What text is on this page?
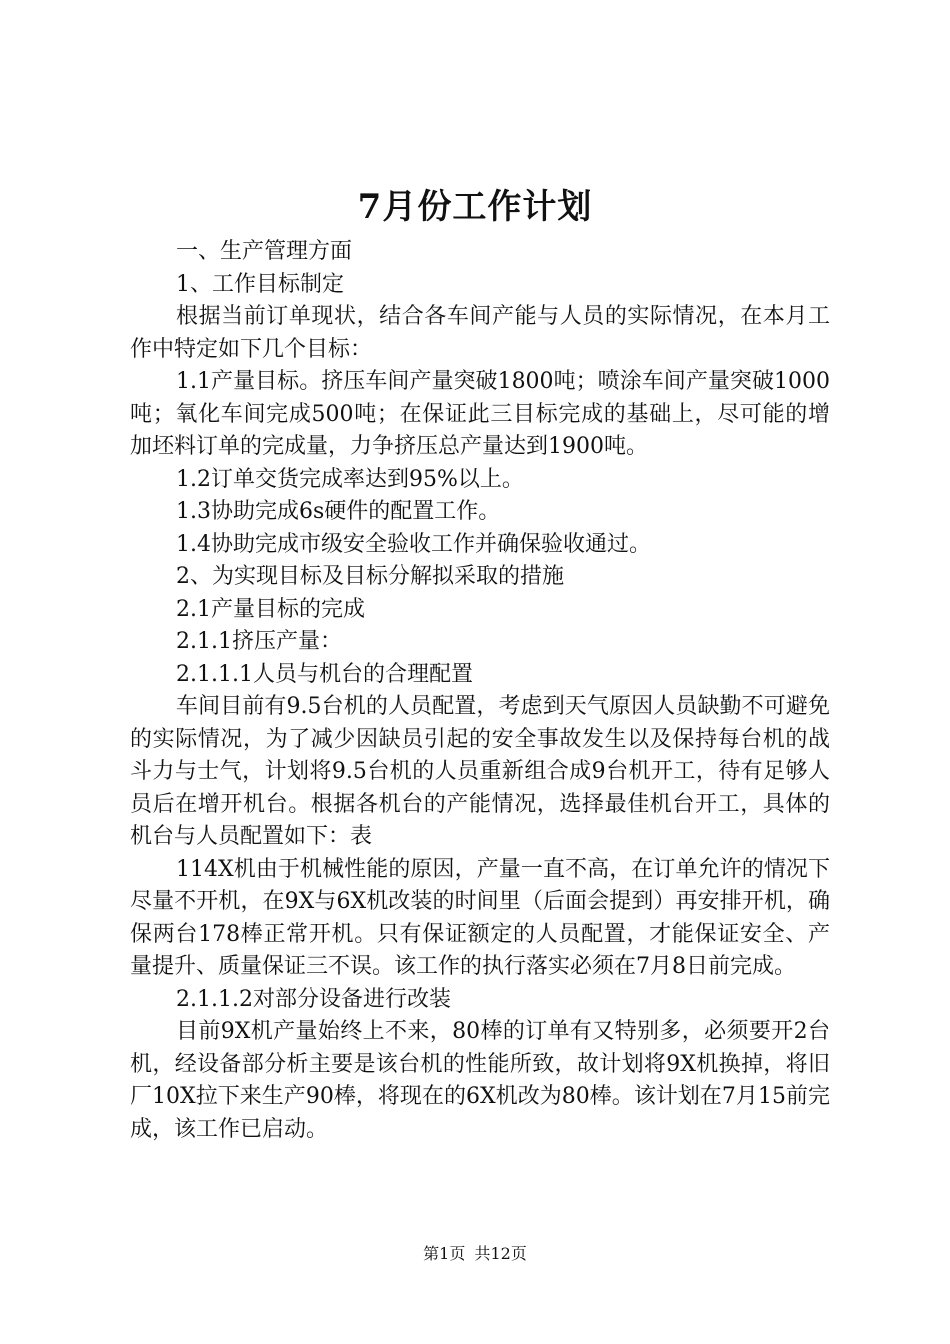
7月份工作计划

一、生产管理方面

1、工作目标制定

根据当前订单现状，结合各车间产能与人员的实际情况，在本月工作中特定如下几个目标：

1.1产量目标。挤压车间产量突破1800吨；喷涂车间产量突破1000吨；氧化车间完成500吨；在保证此三目标完成的基础上，尽可能的增加坯料订单的完成量，力争挤压总产量达到1900吨。

1.2订单交货完成率达到95%以上。

1.3协助完成6s硬件的配置工作。

1.4协助完成市级安全验收工作并确保验收通过。

2、为实现目标及目标分解拟采取的措施

2.1产量目标的完成

2.1.1挤压产量：

2.1.1.1人员与机台的合理配置

车间目前有9.5台机的人员配置，考虑到天气原因人员缺勤不可避免的实际情况，为了减少因缺员引起的安全事故发生以及保持每台机的战斗力与士气，计划将9.5台机的人员重新组合成9台机开工，待有足够人员后在增开机台。根据各机台的产能情况，选择最佳机台开工，具体的机台与人员配置如下：表

114X机由于机械性能的原因，产量一直不高，在订单允许的情况下尽量不开机，在9X与6X机改装的时间里（后面会提到）再安排开机，确保两台178棒正常开机。只有保证额定的人员配置，才能保证安全、产量提升、质量保证三不误。该工作的执行落实必须在7月8日前完成。

2.1.1.2对部分设备进行改装

目前9X机产量始终上不来，80棒的订单有又特别多，必须要开2台机，经设备部分析主要是该台机的性能所致，故计划将9X机换掉，将旧厂10X拉下来生产90棒，将现在的6X机改为80棒。该计划在7月15前完成，该工作已启动。

第1页 共12页
